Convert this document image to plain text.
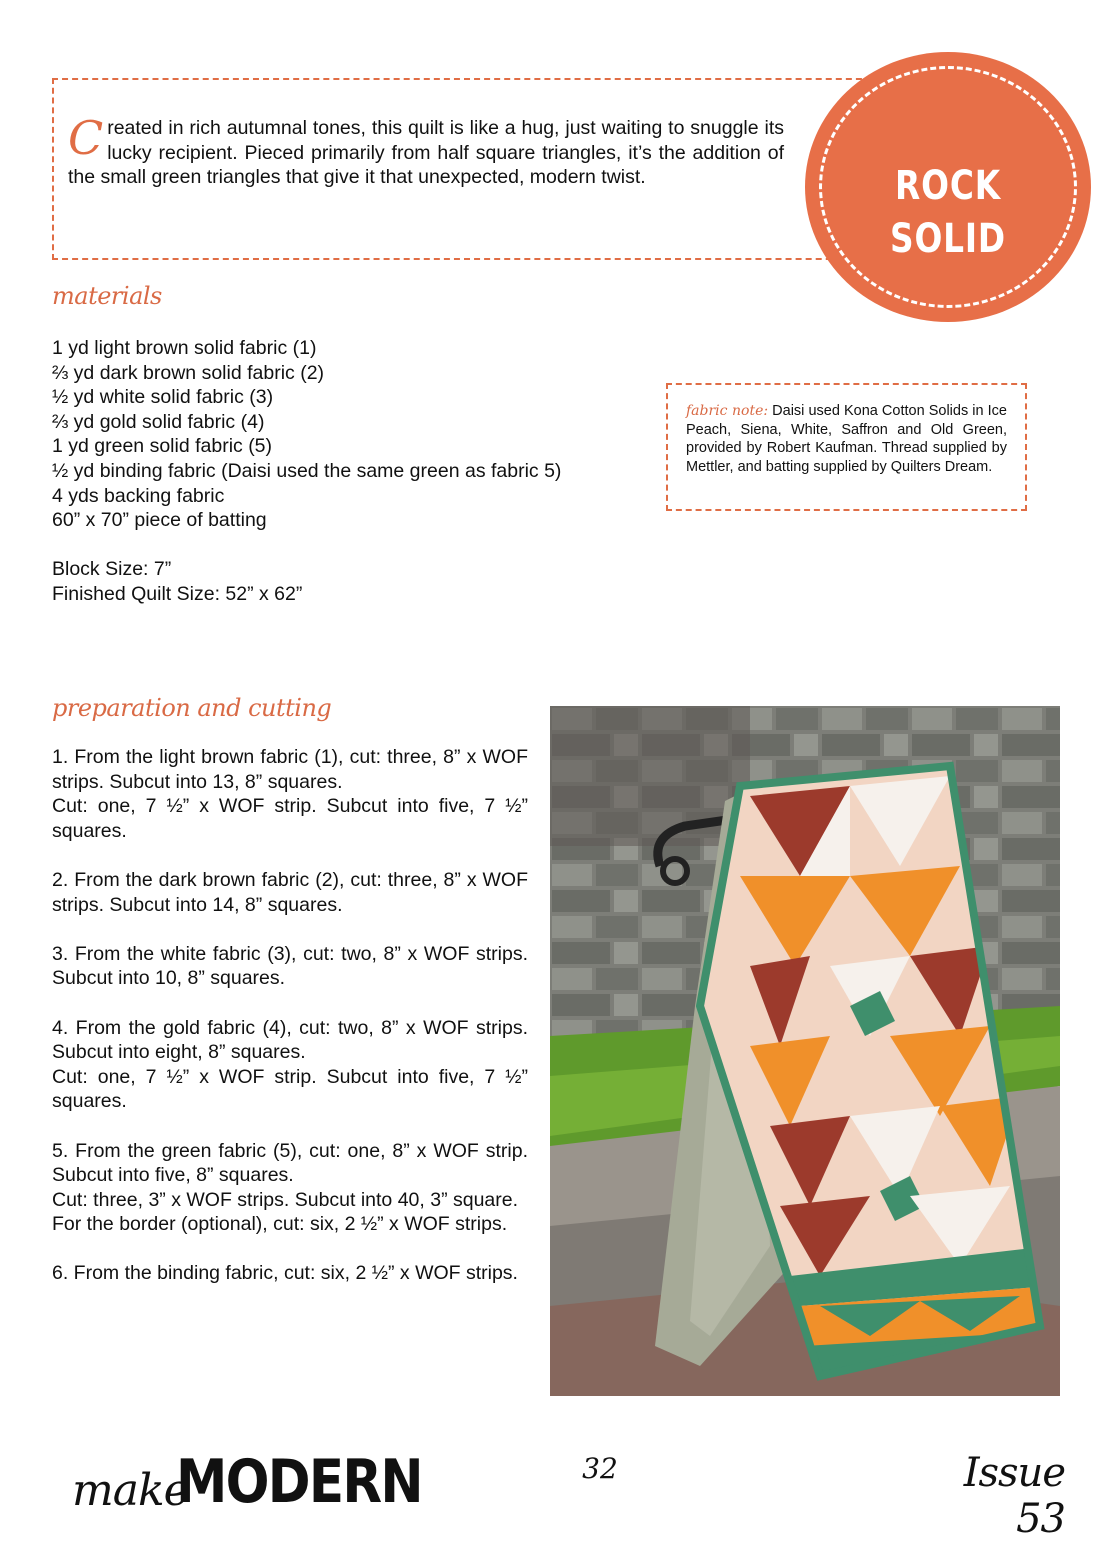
C reated in rich autumnal tones, this quilt is like a hug, just waiting to snuggle its lucky recipient. Pieced primarily from half square triangles, it’s the addition of the small green triangles that give it that unexpected, modern twist.	ROCK
SOLID
materials
1 yd light brown solid fabric (1)
⅔ yd dark brown solid fabric (2)
½ yd white solid fabric (3)
⅔ yd gold solid fabric (4)
1 yd green solid fabric (5)
½ yd binding fabric (Daisi used the same green as fabric 5)
4 yds backing fabric
60” x 70” piece of batting
Block Size: 7”
Finished Quilt Size: 52” x 62”
fabric note: Daisi used Kona Cotton Solids in Ice Peach, Siena, White, Saffron and Old Green, provided by Robert Kaufman. Thread supplied by Mettler, and batting supplied by Quilters Dream.
preparation and cutting

1. From the light brown fabric (1), cut: three, 8” x WOF strips. Subcut into 13, 8” squares.
Cut: one, 7 ½” x WOF strip. Subcut into five, 7 ½” squares.

2. From the dark brown fabric (2), cut: three, 8” x WOF strips. Subcut into 14, 8” squares.

3. From the white fabric (3), cut: two, 8” x WOF strips. Subcut into 10, 8” squares.

4. From the gold fabric (4), cut: two, 8” x WOF strips. Subcut into eight, 8” squares.
Cut: one, 7 ½” x WOF strip. Subcut into five, 7 ½” squares.

5. From the green fabric (5), cut: one, 8” x WOF strip. Subcut into five, 8” squares.
Cut: three, 3” x WOF strips. Subcut into 40, 3” square.
For the border (optional), cut: six, 2 ½” x WOF strips.

6. From the binding fabric, cut: six, 2 ½” x WOF strips.

make
MODERN	32	Issue 53
